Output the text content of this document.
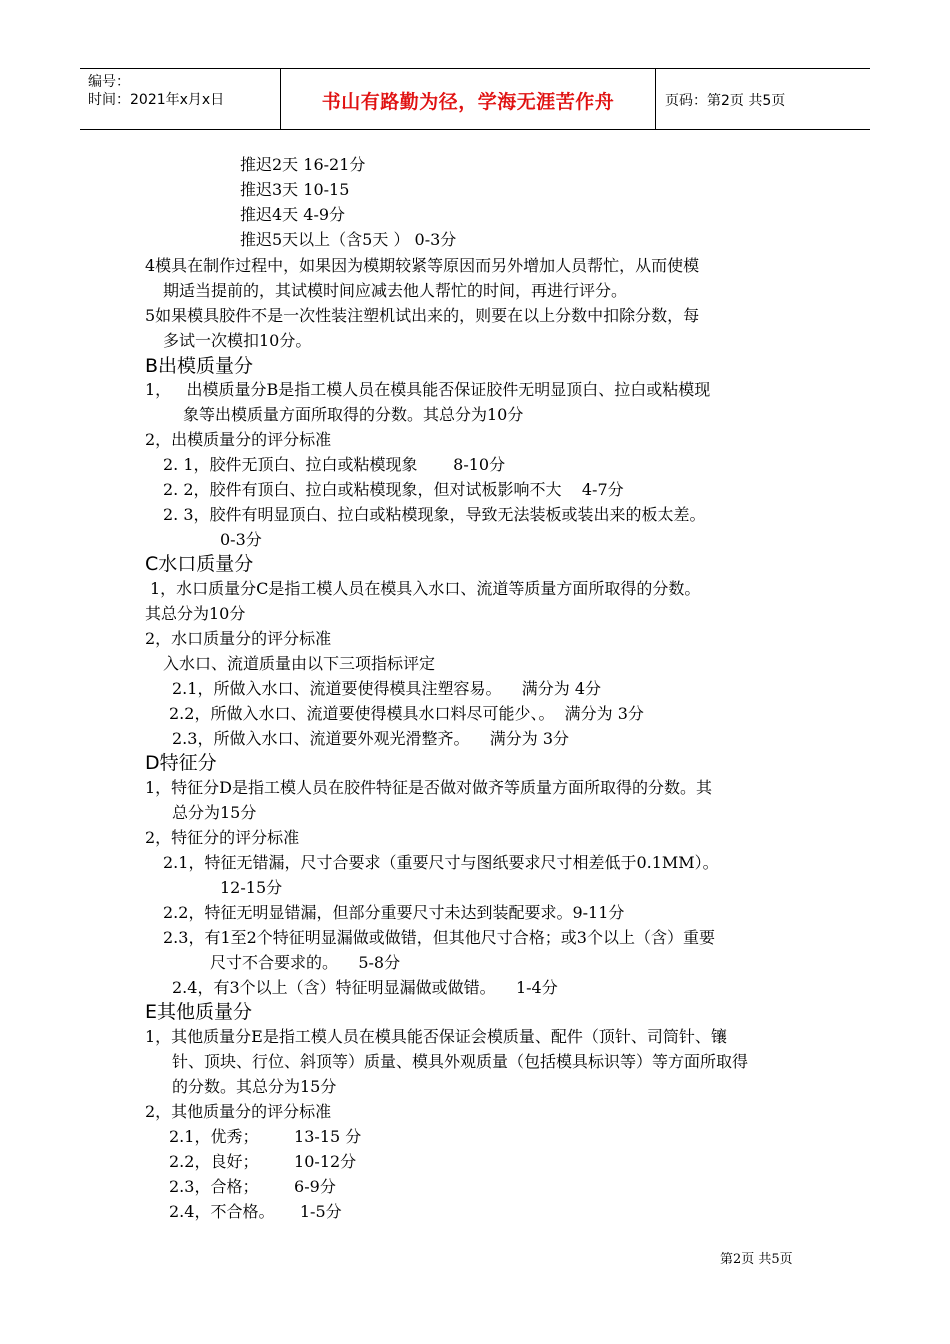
编号：
时间：2021年x月x日	书山有路勤为径，学海无涯苦作舟	页码：第2页 共5页
推迟2天 16-21分
推迟3天 10-15
推迟4天 4-9分
推迟5天以上（含5天 ） 0-3分
4模具在制作过程中，如果因为模期较紧等原因而另外增加人员帮忙，从而使模
期适当提前的，其试模时间应减去他人帮忙的时间，再进行评分。
5如果模具胶件不是一次性装注塑机试出来的，则要在以上分数中扣除分数，每
多试一次模扣10分。
B出模质量分
1，   出模质量分B是指工模人员在模具能否保证胶件无明显顶白、拉白或粘模现
象等出模质量方面所取得的分数。其总分为10分
2，出模质量分的评分标准
2. 1，胶件无顶白、拉白或粘模现象       8-10分
2. 2，胶件有顶白、拉白或粘模现象，但对试板影响不大    4-7分
2. 3，胶件有明显顶白、拉白或粘模现象，导致无法装板或装出来的板太差。
0-3分
C水口质量分
1，水口质量分C是指工模人员在模具入水口、流道等质量方面所取得的分数。
其总分为10分
2，水口质量分的评分标准
入水口、流道质量由以下三项指标评定
2.1，所做入水口、流道要使得模具注塑容易。    满分为 4分
2.2，所做入水口、流道要使得模具水口料尽可能少、。  满分为 3分
2.3，所做入水口、流道要外观光滑整齐。    满分为 3分
D特征分
1，特征分D是指工模人员在胶件特征是否做对做齐等质量方面所取得的分数。其
总分为15分
2，特征分的评分标准
2.1，特征无错漏，尺寸合要求（重要尺寸与图纸要求尺寸相差低于0.1MM）。
12-15分
2.2，特征无明显错漏，但部分重要尺寸未达到装配要求。9-11分
2.3，有1至2个特征明显漏做或做错，但其他尺寸合格；或3个以上（含）重要
尺寸不合要求的。    5-8分
2.4，有3个以上（含）特征明显漏做或做错。    1-4分
E其他质量分
1，其他质量分E是指工模人员在模具能否保证会模质量、配件（顶针、司筒针、镶
针、顶块、行位、斜顶等）质量、模具外观质量（包括模具标识等）等方面所取得
的分数。其总分为15分
2，其他质量分的评分标准
2.1，优秀；       13-15 分
2.2，良好；       10-12分
2.3，合格；       6-9分
2.4，不合格。     1-5分
第2页 共5页
